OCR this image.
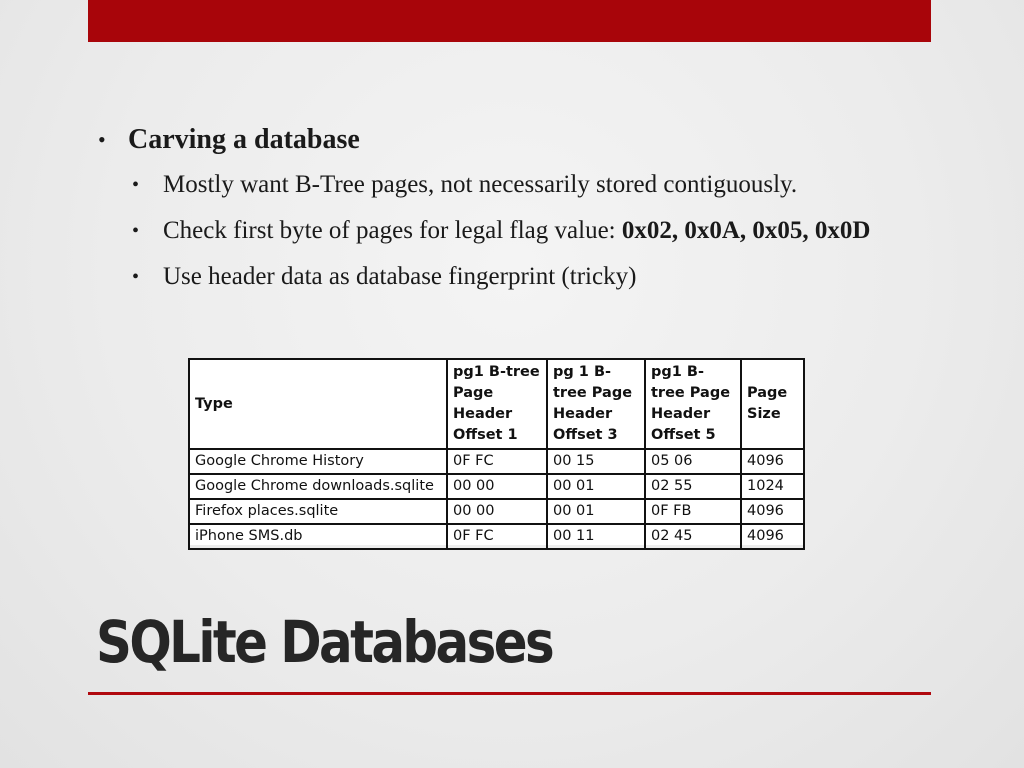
• Carving a database
• Mostly want B-Tree pages, not necessarily stored contiguously.
• Check first byte of pages for legal flag value: 0x02, 0x0A, 0x05, 0x0D
• Use header data as database fingerprint (tricky)
Type	pg1 B-tree Page Header Offset 1	pg 1 B-tree Page Header Offset 3	pg1 B-tree Page Header Offset 5	Page Size
Google Chrome History	0F FC	00 15	05 06	4096
Google Chrome downloads.sqlite	00 00	00 01	02 55	1024
Firefox places.sqlite	00 00	00 01	0F FB	4096
iPhone SMS.db	0F FC	00 11	02 45	4096
SQLite Databases
